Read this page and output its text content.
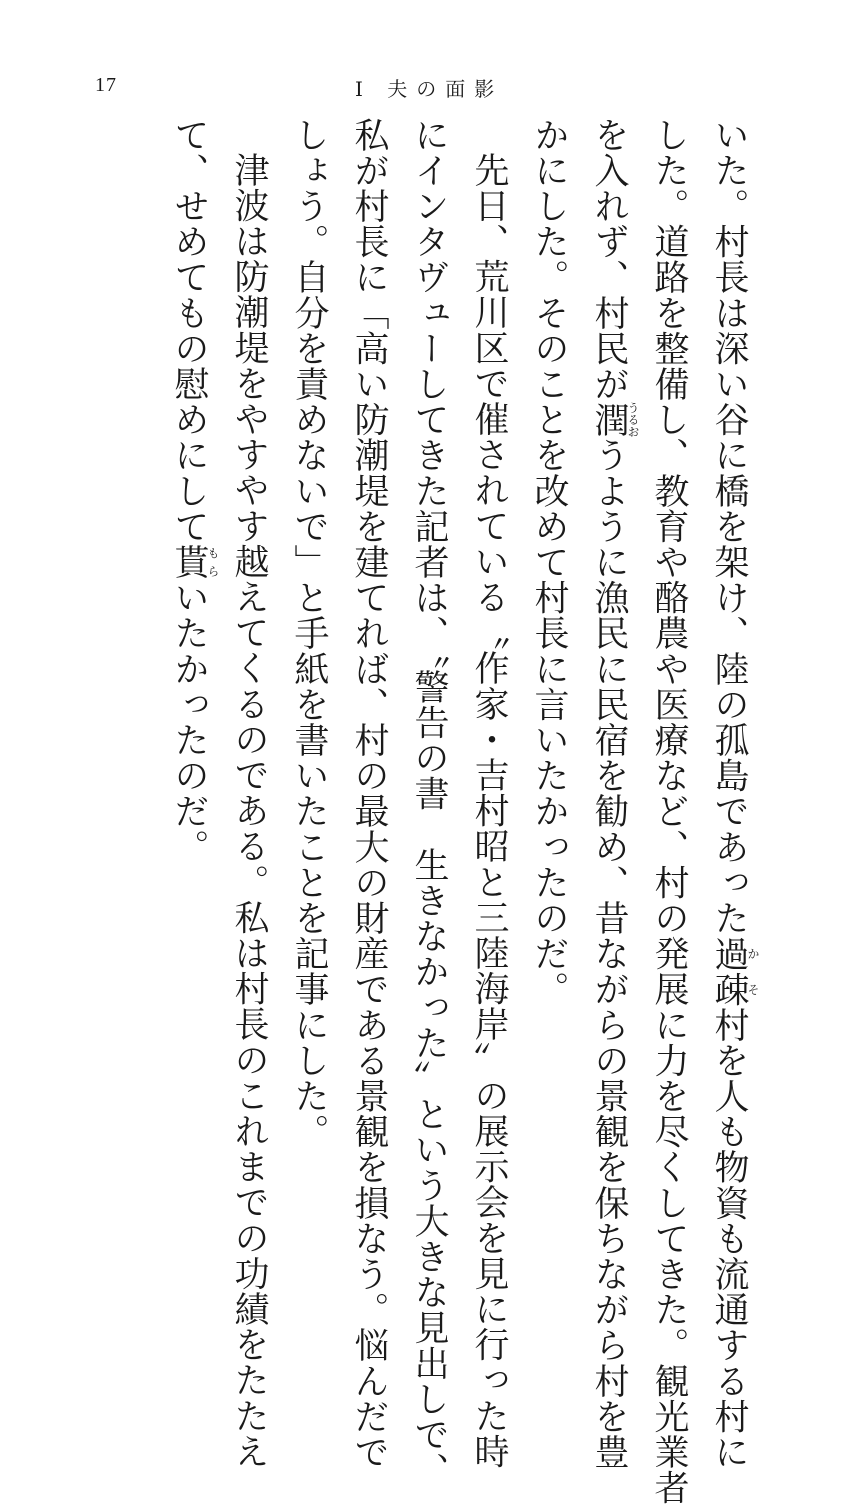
17	I 夫の面影
いた。村長は深い谷に橋を架け、陸の孤島であった過疎かそ村を人も物資も流通する村に
した。道路を整備し、教育や酪農や医療など、村の発展に力を尽くしてきた。観光業者
を入れず、村民が潤うるおうように漁民に民宿を勧め、昔ながらの景観を保ちながら村を豊
かにした。そのことを改めて村長に言いたかったのだ。
先日、荒川区で催されている〝作家・吉村昭と三陸海岸〟の展示会を見に行った時
にインタヴューしてきた記者は、〝警告の書　生きなかった〟という大きな見出しで、
私が村長に「高い防潮堤を建てれば、村の最大の財産である景観を損なう。悩んだで
しょう。自分を責めないで」と手紙を書いたことを記事にした。
津波は防潮堤をやすやす越えてくるのである。私は村長のこれまでの功績をたたえ
て、せめてもの慰めにして貰もらいたかったのだ。
